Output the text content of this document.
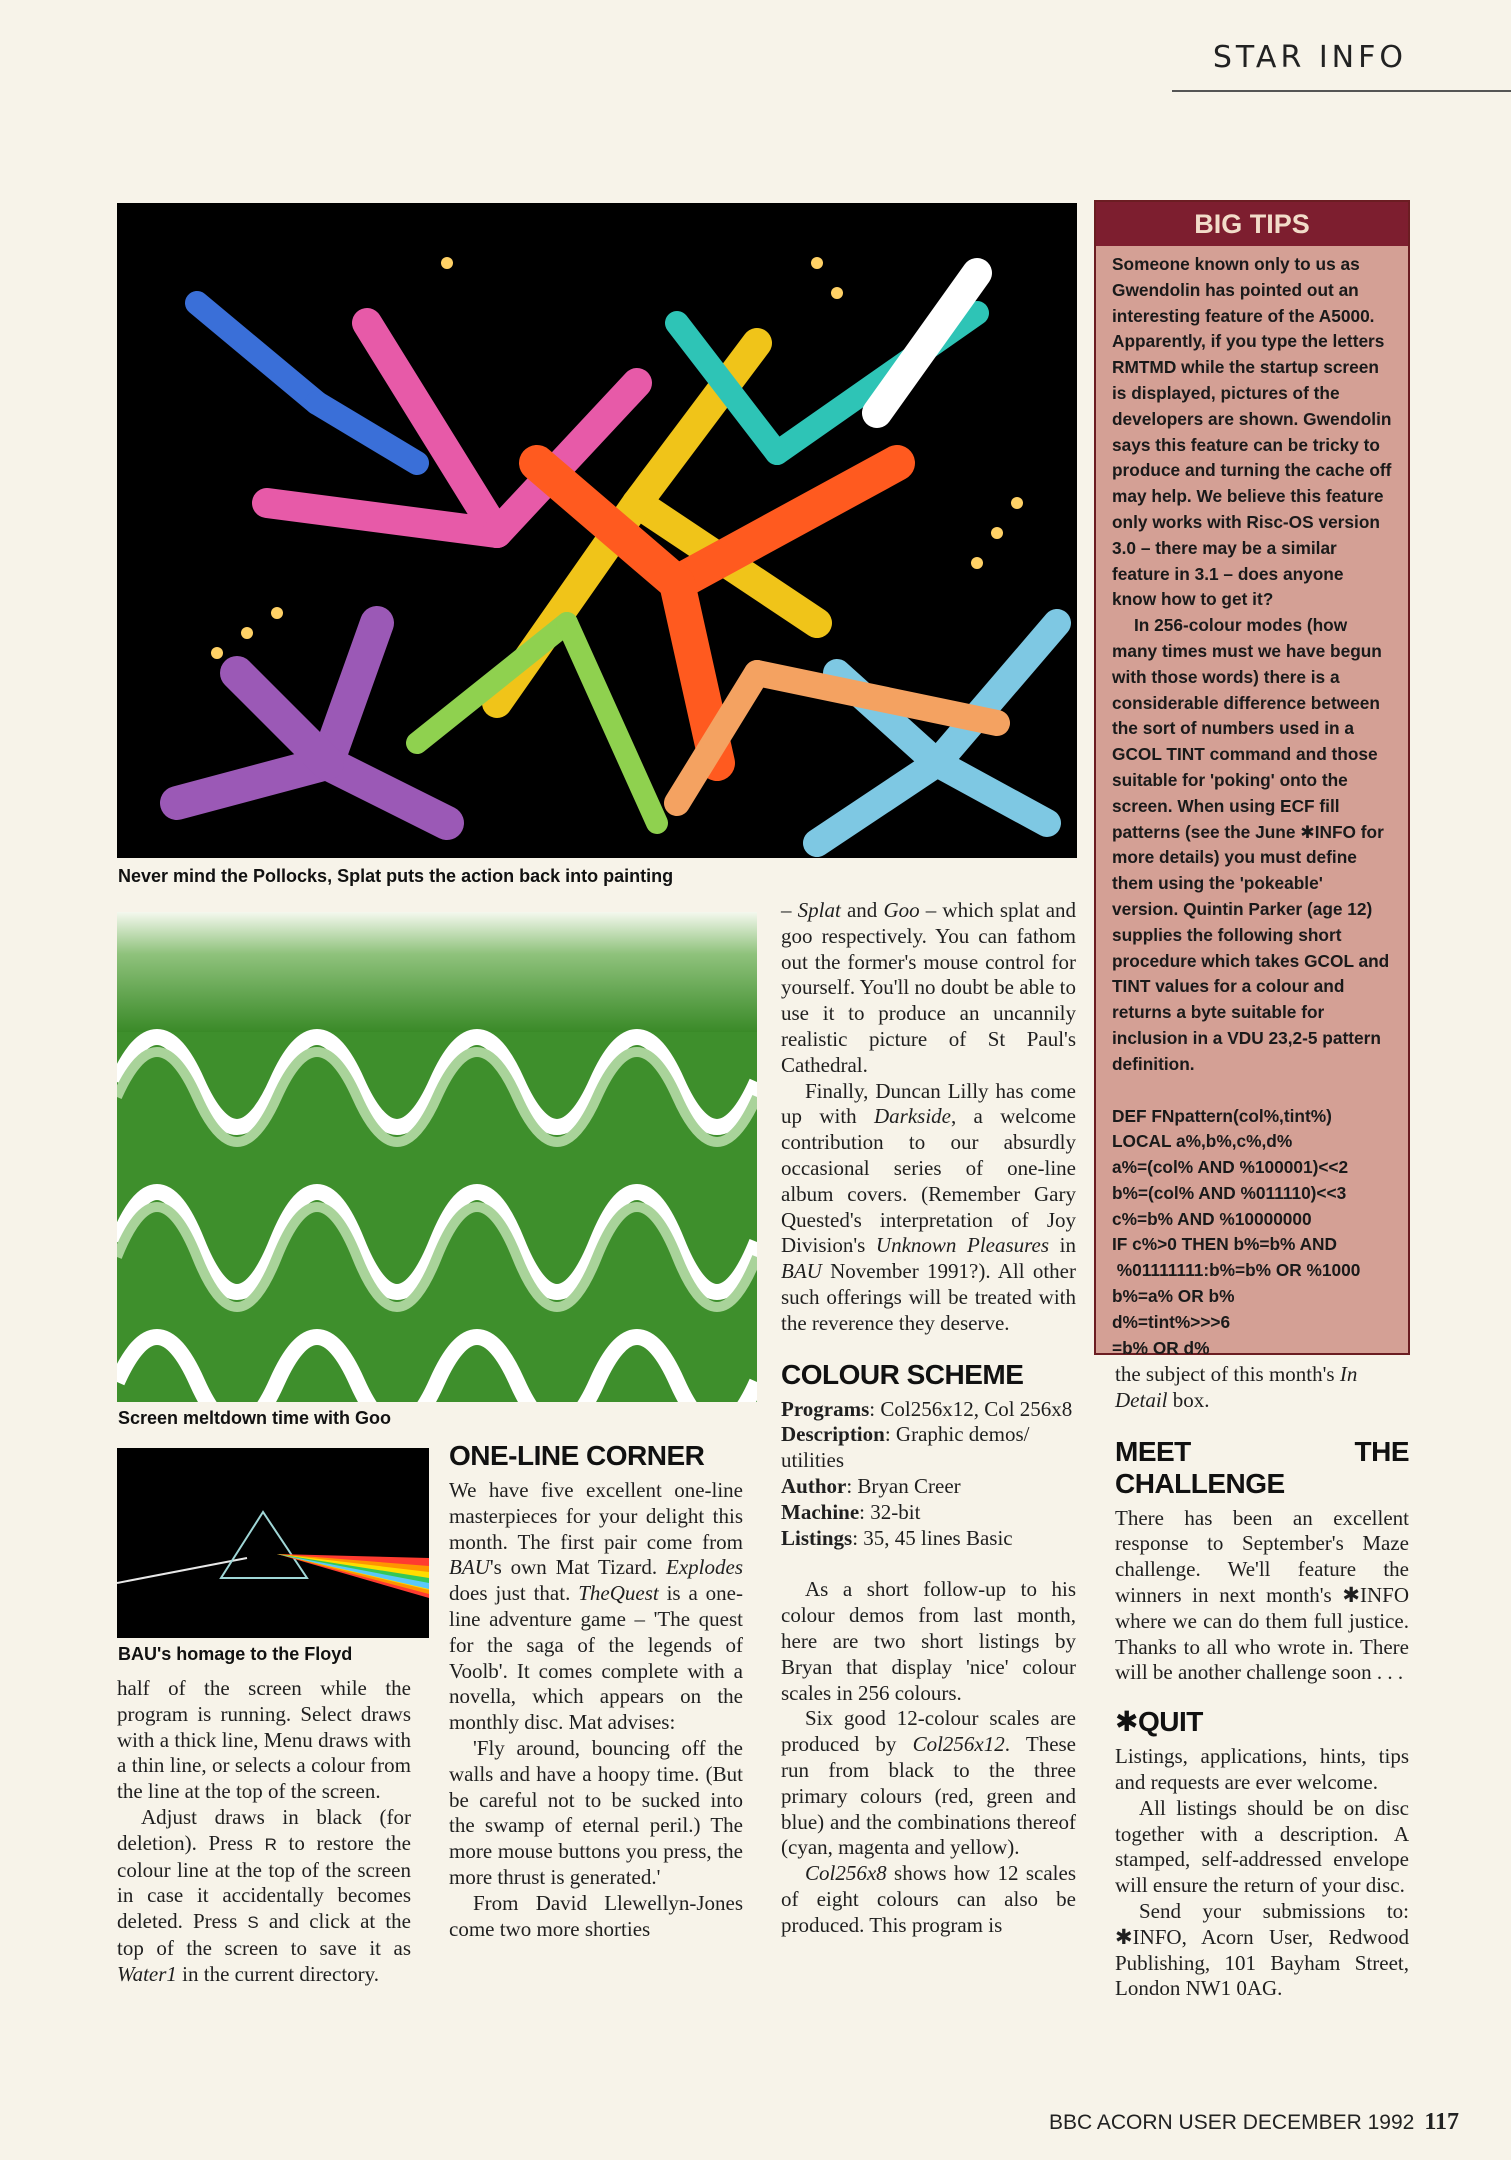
STAR INFO
Never mind the Pollocks, Splat puts the action back into painting
Screen meltdown time with Goo
BAU's homage to the Floyd

half of the screen while the program is running. Select draws with a thick line, Menu draws with a thin line, or selects a colour from the line at the top of the screen.

Adjust draws in black (for deletion). Press R to restore the colour line at the top of the screen in case it accidentally becomes deleted. Press S and click at the top of the screen to save it as Water1 in the current directory.

ONE-LINE CORNER

We have five excellent one-line masterpieces for your delight this month. The first pair come from BAU's own Mat Tizard. Explodes does just that. TheQuest is a one-line adventure game – 'The quest for the saga of the legends of Voolb'. It comes complete with a novella, which appears on the monthly disc. Mat advises:

'Fly around, bouncing off the walls and have a hoopy time. (But be careful not to be sucked into the swamp of eternal peril.) The more mouse buttons you press, the more thrust is generated.'

From David Llewellyn-Jones come two more shorties

– Splat and Goo – which splat and goo respectively. You can fathom out the former's mouse control for yourself. You'll no doubt be able to use it to produce an uncannily realistic picture of St Paul's Cathedral.

Finally, Duncan Lilly has come up with Darkside, a welcome contribution to our absurdly occasional series of one-line album covers. (Remember Gary Quested's interpretation of Joy Division's Unknown Pleasures in BAU November 1991?). All other such offerings will be treated with the reverence they deserve.

COLOUR SCHEME

Programs: Col256x12, Col 256x8

Description: Graphic demos/ utilities

Author: Bryan Creer

Machine: 32-bit

Listings: 35, 45 lines Basic

As a short follow-up to his colour demos from last month, here are two short listings by Bryan that display 'nice' colour scales in 256 colours.

Six good 12-colour scales are produced by Col256x12. These run from black to the three primary colours (red, green and blue) and the combinations thereof (cyan, magenta and yellow).

Col256x8 shows how 12 scales of eight colours can also be produced. This program is

BIG TIPS

Someone known only to us as Gwendolin has pointed out an interesting feature of the A5000. Apparently, if you type the letters RMTMD while the startup screen is displayed, pictures of the developers are shown. Gwendolin says this feature can be tricky to produce and turning the cache off may help. We believe this feature only works with Risc-OS version 3.0 – there may be a similar feature in 3.1 – does anyone know how to get it?

In 256-colour modes (how many times must we have begun with those words) there is a considerable difference between the sort of numbers used in a GCOL TINT command and those suitable for 'poking' onto the screen. When using ECF fill patterns (see the June ✱INFO for more details) you must define them using the 'pokeable' version. Quintin Parker (age 12) supplies the following short procedure which takes GCOL and TINT values for a colour and returns a byte suitable for inclusion in a VDU 23,2-5 pattern definition.

DEF FNpattern(col%,tint%)
LOCAL a%,b%,c%,d%
a%=(col% AND %100001)<<2
b%=(col% AND %011110)<<3
c%=b% AND %10000000
IF c%>0 THEN b%=b% AND
%01111111:b%=b% OR %1000
b%=a% OR b%
d%=tint%>>>6
=b% OR d%

the subject of this month's In Detail box.

MEET THE CHALLENGE

There has been an excellent response to September's Maze challenge. We'll feature the winners in next month's ✱INFO where we can do them full justice. Thanks to all who wrote in. There will be another challenge soon . . .

✱QUIT

Listings, applications, hints, tips and requests are ever welcome.

All listings should be on disc together with a description. A stamped, self-addressed envelope will ensure the return of your disc.

Send your submissions to: ✱INFO, Acorn User, Redwood Publishing, 101 Bayham Street, London NW1 0AG.

BBC ACORN USER DECEMBER 1992 117
